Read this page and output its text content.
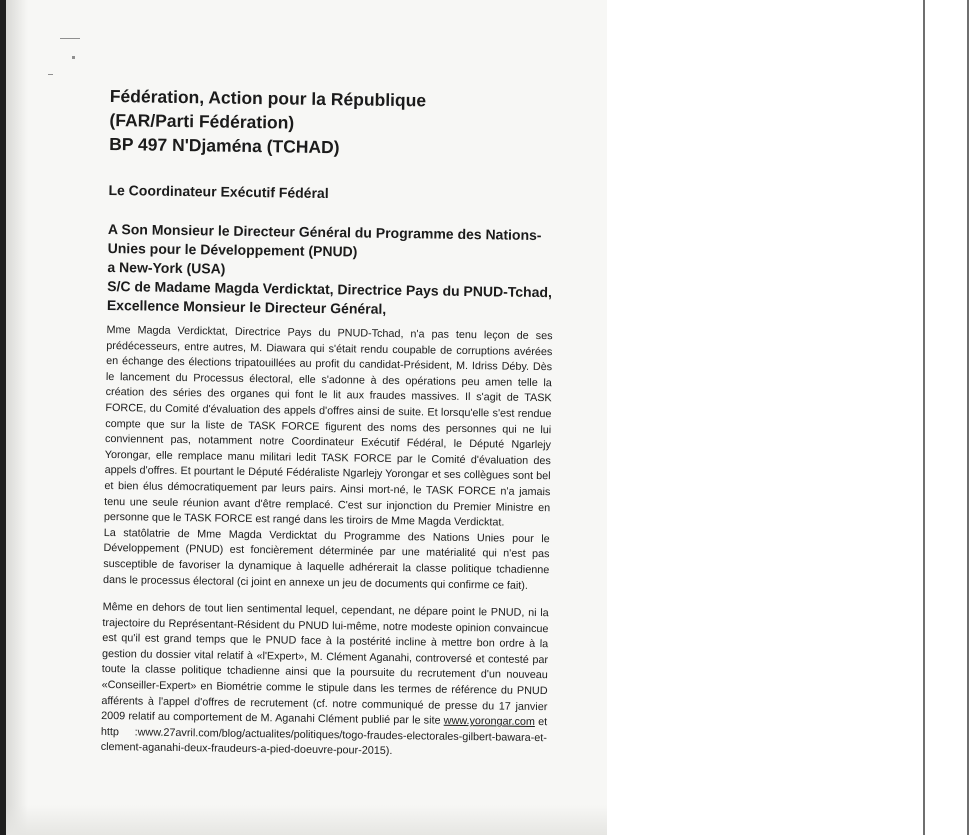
Fédération, Action pour la République

(FAR/Parti Fédération)

BP 497 N'Djaména (TCHAD)

Le Coordinateur Exécutif Fédéral

A Son Monsieur le Directeur Général du Programme des Nations-Unies pour le Développement (PNUD)
a New-York (USA)
S/C de Madame Magda Verdicktat, Directrice Pays du PNUD-Tchad,
Excellence Monsieur le Directeur Général,

Mme Magda Verdicktat, Directrice Pays du PNUD-Tchad, n'a pas tenu leçon de ses prédécesseurs, entre autres, M. Diawara qui s'était rendu coupable de corruptions avérées en échange des élections tripatouillées au profit du candidat-Président, M. Idriss Déby. Dès le lancement du Processus électoral, elle s'adonne à des opérations peu amen telle la création des séries des organes qui font le lit aux fraudes massives. Il s'agit de TASK FORCE, du Comité d'évaluation des appels d'offres ainsi de suite. Et lorsqu'elle s'est rendue compte que sur la liste de TASK FORCE figurent des noms des personnes qui ne lui conviennent pas, notamment notre Coordinateur Exécutif Fédéral, le Député Ngarlejy Yorongar, elle remplace manu militari ledit TASK FORCE par le Comité d'évaluation des appels d'offres. Et pourtant le Député Fédéraliste Ngarlejy Yorongar et ses collègues sont bel et bien élus démocratiquement par leurs pairs. Ainsi mort-né, le TASK FORCE n'a jamais tenu une seule réunion avant d'être remplacé. C'est sur injonction du Premier Ministre en personne que le TASK FORCE est rangé dans les tiroirs de Mme Magda Verdicktat.

La statôlatrie de Mme Magda Verdicktat du Programme des Nations Unies pour le Développement (PNUD) est foncièrement déterminée par une matérialité qui n'est pas susceptible de favoriser la dynamique à laquelle adhérerait la classe politique tchadienne dans le processus électoral (ci joint en annexe un jeu de documents qui confirme ce fait).

Même en dehors de tout lien sentimental lequel, cependant, ne dépare point le PNUD, ni la trajectoire du Représentant-Résident du PNUD lui-même, notre modeste opinion convaincue est qu'il est grand temps que le PNUD face à la postérité incline à mettre bon ordre à la gestion du dossier vital relatif à «l'Expert», M. Clément Aganahi, controversé et contesté par toute la classe politique tchadienne ainsi que la poursuite du recrutement d'un nouveau «Conseiller-Expert» en Biométrie comme le stipule dans les termes de référence du PNUD afférents à l'appel d'offres de recrutement (cf. notre communiqué de presse du 17 janvier 2009 relatif au comportement de M. Aganahi Clément publié par le site www.yorongar.com et http :www.27avril.com/blog/actualites/politiques/togo-fraudes-electorales-gilbert-bawara-et-clement-aganahi-deux-fraudeurs-a-pied-doeuvre-pour-2015).
